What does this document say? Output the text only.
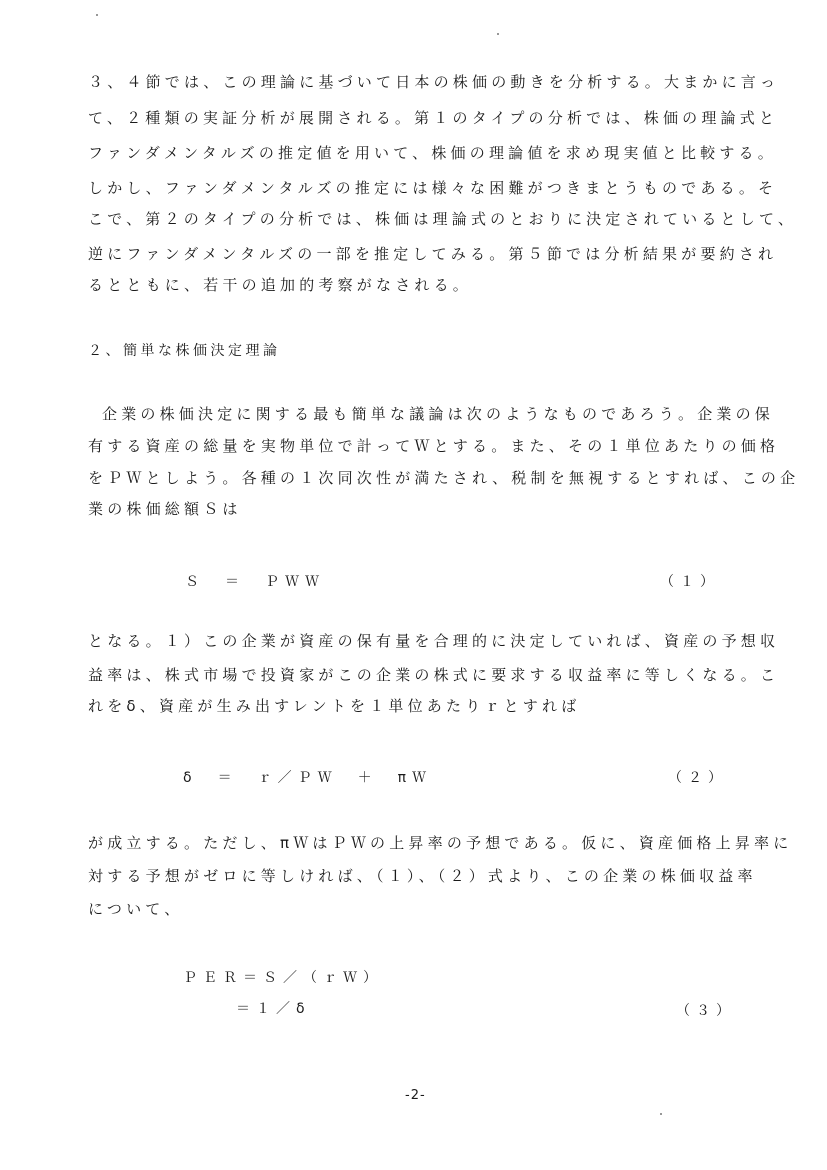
３、４節では、この理論に基づいて日本の株価の動きを分析する。大まかに言っ
て、２種類の実証分析が展開される。第１のタイプの分析では、株価の理論式と
ファンダメンタルズの推定値を用いて、株価の理論値を求め現実値と比較する。
しかし、ファンダメンタルズの推定には様々な困難がつきまとうものである。そ
こで、第２のタイプの分析では、株価は理論式のとおりに決定されているとして、
逆にファンダメンタルズの一部を推定してみる。第５節では分析結果が要約され
るとともに、若干の追加的考察がなされる。
２、簡単な株価決定理論
企業の株価決定に関する最も簡単な議論は次のようなものであろう。企業の保
有する資産の総量を実物単位で計ってＷとする。また、その１単位あたりの価格
をＰＷとしよう。各種の１次同次性が満たされ、税制を無視するとすれば、この企
業の株価総額Ｓは
Ｓ　＝　ＰＷＷ	（１）
となる。１）この企業が資産の保有量を合理的に決定していれば、資産の予想収
益率は、株式市場で投資家がこの企業の株式に要求する収益率に等しくなる。こ
れをδ、資産が生み出すレントを１単位あたりｒとすれば
δ　＝　ｒ／ＰＷ　＋　πＷ	（２）
が成立する。ただし、πＷはＰＷの上昇率の予想である。仮に、資産価格上昇率に
対する予想がゼロに等しければ、（１）、（２）式より、この企業の株価収益率
について、
ＰＥＲ＝Ｓ／（ｒＷ）
＝１／δ	（３）
-2-
